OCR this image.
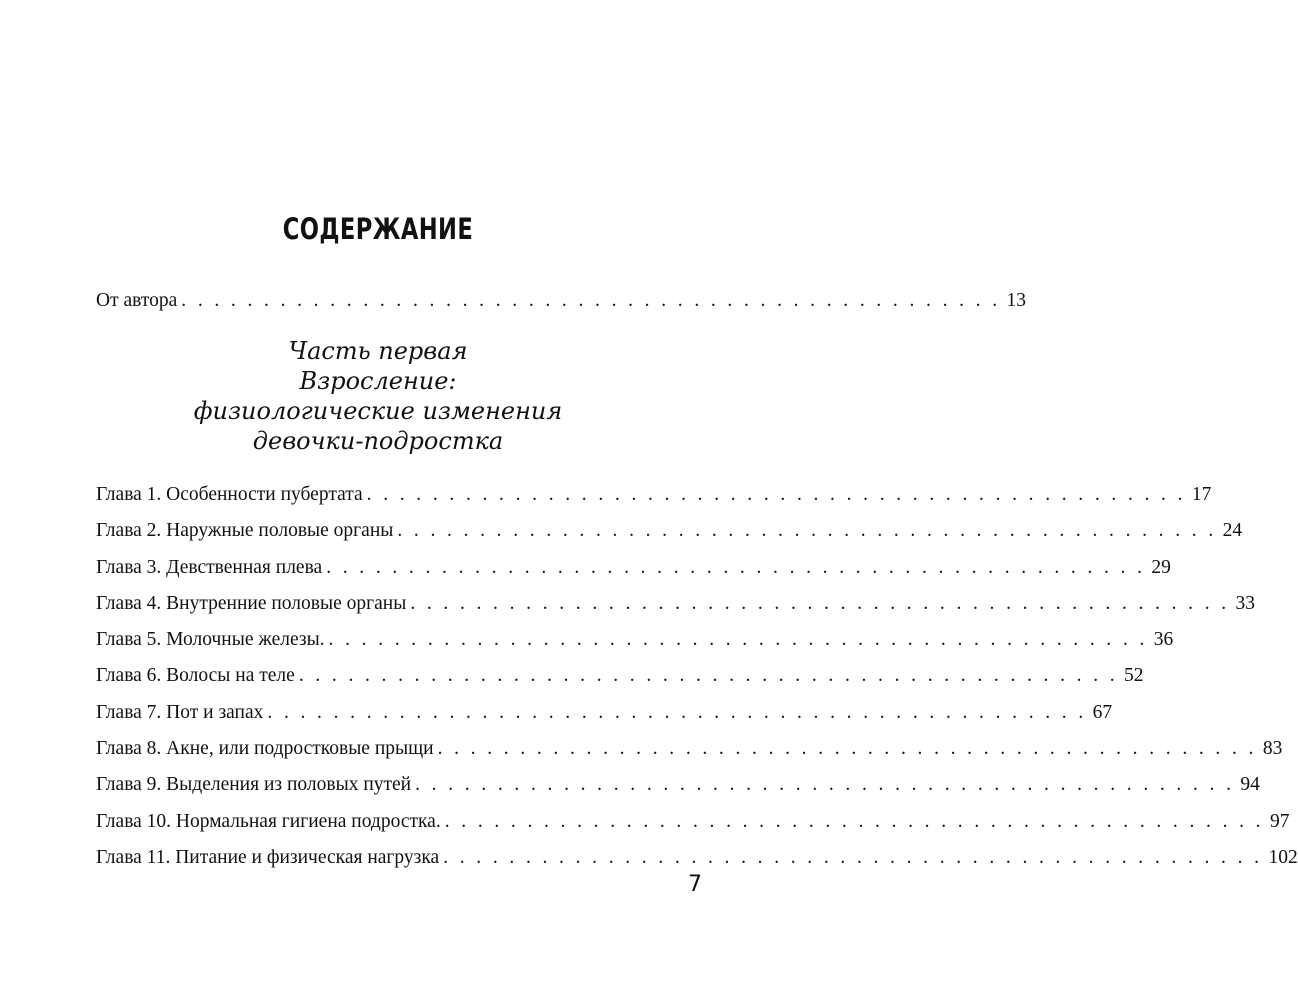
СОДЕРЖАНИЕ
От автора . . . . . . . . . . . . . . . . . . . . . . . . . . . . . . . . . . . . . . . . . . . . . . . . . . 13
Часть первая
Взросление:
физиологические изменения
девочки-подростка
Глава 1. Особенности пубертата . . . . . . . . . . . . . . . . . . . . . . . . . . . . . . . . . . . . . . . . . . . . . . . . . . 17
Глава 2. Наружные половые органы . . . . . . . . . . . . . . . . . . . . . . . . . . . . . . . . . . . . . . . . . . . . . . . . . . 24
Глава 3. Девственная плева . . . . . . . . . . . . . . . . . . . . . . . . . . . . . . . . . . . . . . . . . . . . . . . . . . 29
Глава 4. Внутренние половые органы . . . . . . . . . . . . . . . . . . . . . . . . . . . . . . . . . . . . . . . . . . . . . . . . . . 33
Глава 5. Молочные железы. . . . . . . . . . . . . . . . . . . . . . . . . . . . . . . . . . . . . . . . . . . . . . . . . . . 36
Глава 6. Волосы на теле . . . . . . . . . . . . . . . . . . . . . . . . . . . . . . . . . . . . . . . . . . . . . . . . . . 52
Глава 7. Пот и запах . . . . . . . . . . . . . . . . . . . . . . . . . . . . . . . . . . . . . . . . . . . . . . . . . . 67
Глава 8. Акне, или подростковые прыщи . . . . . . . . . . . . . . . . . . . . . . . . . . . . . . . . . . . . . . . . . . . . . . . . . . 83
Глава 9. Выделения из половых путей . . . . . . . . . . . . . . . . . . . . . . . . . . . . . . . . . . . . . . . . . . . . . . . . . . 94
Глава 10. Нормальная гигиена подростка. . . . . . . . . . . . . . . . . . . . . . . . . . . . . . . . . . . . . . . . . . . . . . . . . . . 97
Глава 11. Питание и физическая нагрузка . . . . . . . . . . . . . . . . . . . . . . . . . . . . . . . . . . . . . . . . . . . . . . . . . . 102
7
